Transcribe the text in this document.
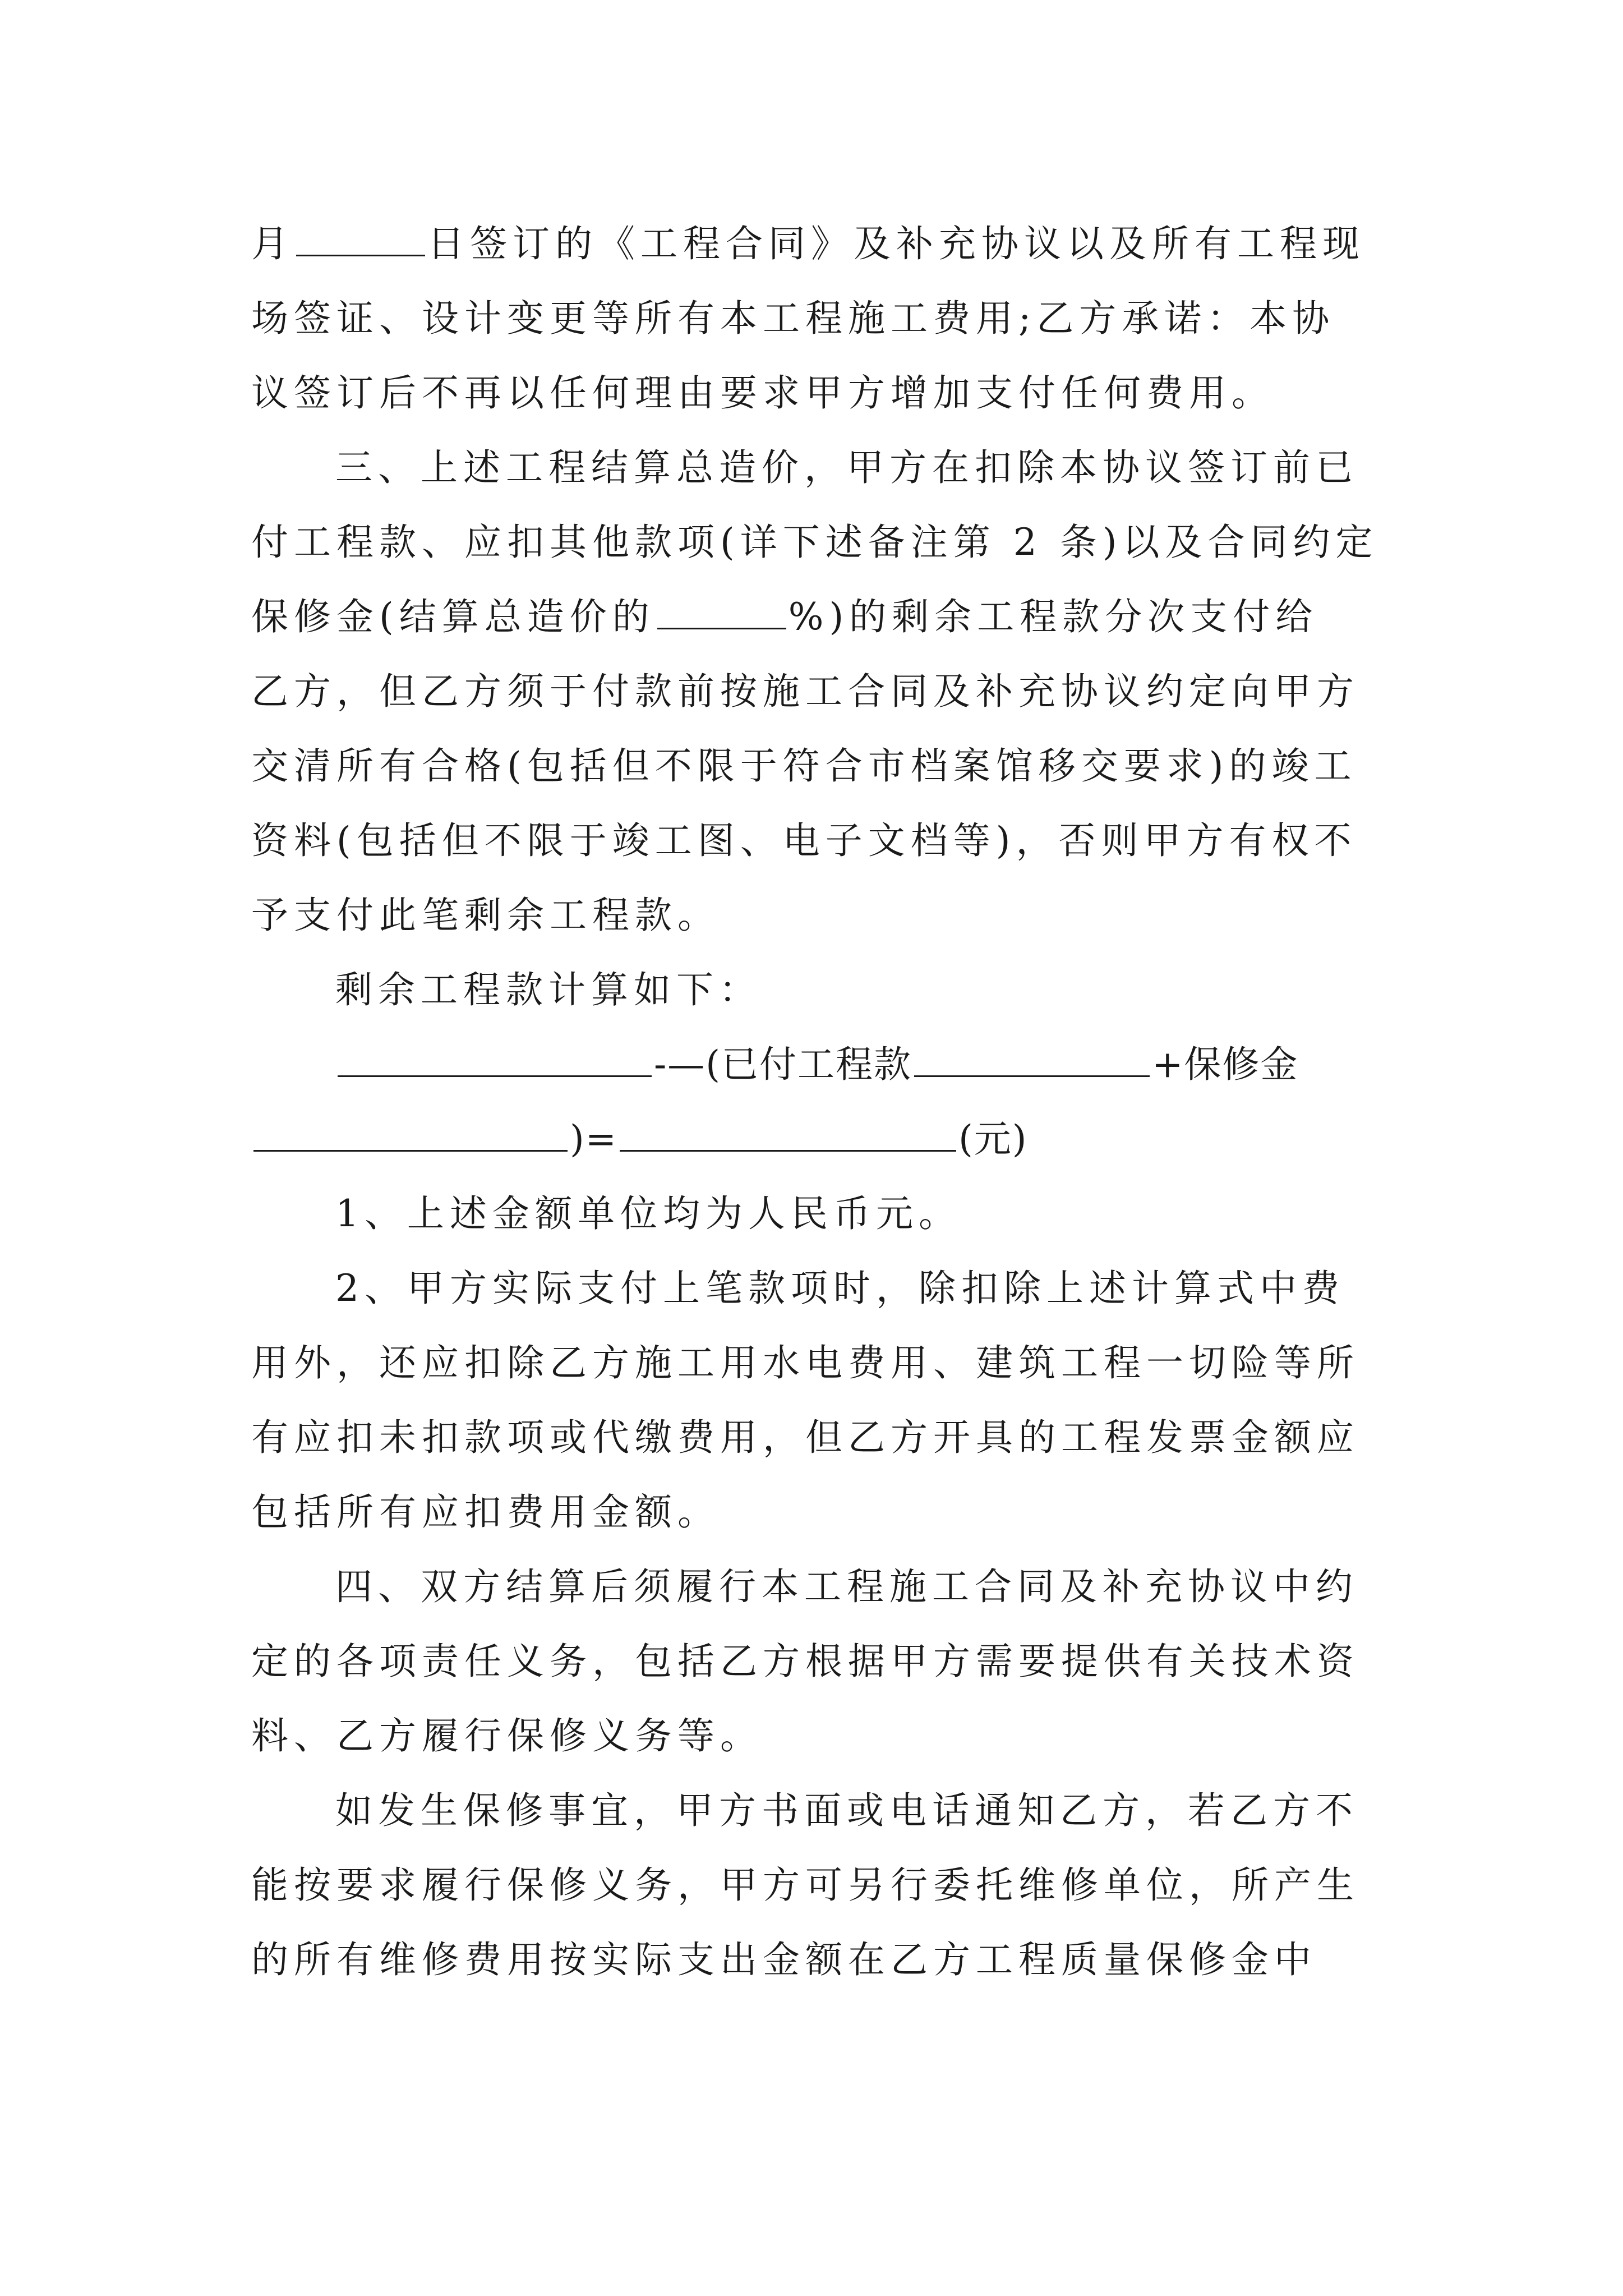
月	日签订的《工程合同》及补充协议以及所有工程现
场签证、设计变更等所有本工程施工费用;乙方承诺：本协
议签订后不再以任何理由要求甲方增加支付任何费用。
三、上述工程结算总造价，甲方在扣除本协议签订前已
付工程款、应扣其他款项(详下述备注第 2 条)以及合同约定
保修金(结算总造价的	%)的剩余工程款分次支付给
乙方，但乙方须于付款前按施工合同及补充协议约定向甲方
交清所有合格(包括但不限于符合市档案馆移交要求)的竣工
资料(包括但不限于竣工图、电子文档等)，否则甲方有权不
予支付此笔剩余工程款。
剩余工程款计算如下：
-—(已付工程款	+保修金
)=	(元)
1、上述金额单位均为人民币元。
2、甲方实际支付上笔款项时，除扣除上述计算式中费
用外，还应扣除乙方施工用水电费用、建筑工程一切险等所
有应扣未扣款项或代缴费用，但乙方开具的工程发票金额应
包括所有应扣费用金额。
四、双方结算后须履行本工程施工合同及补充协议中约
定的各项责任义务，包括乙方根据甲方需要提供有关技术资
料、乙方履行保修义务等。
如发生保修事宜，甲方书面或电话通知乙方，若乙方不
能按要求履行保修义务，甲方可另行委托维修单位，所产生
的所有维修费用按实际支出金额在乙方工程质量保修金中
